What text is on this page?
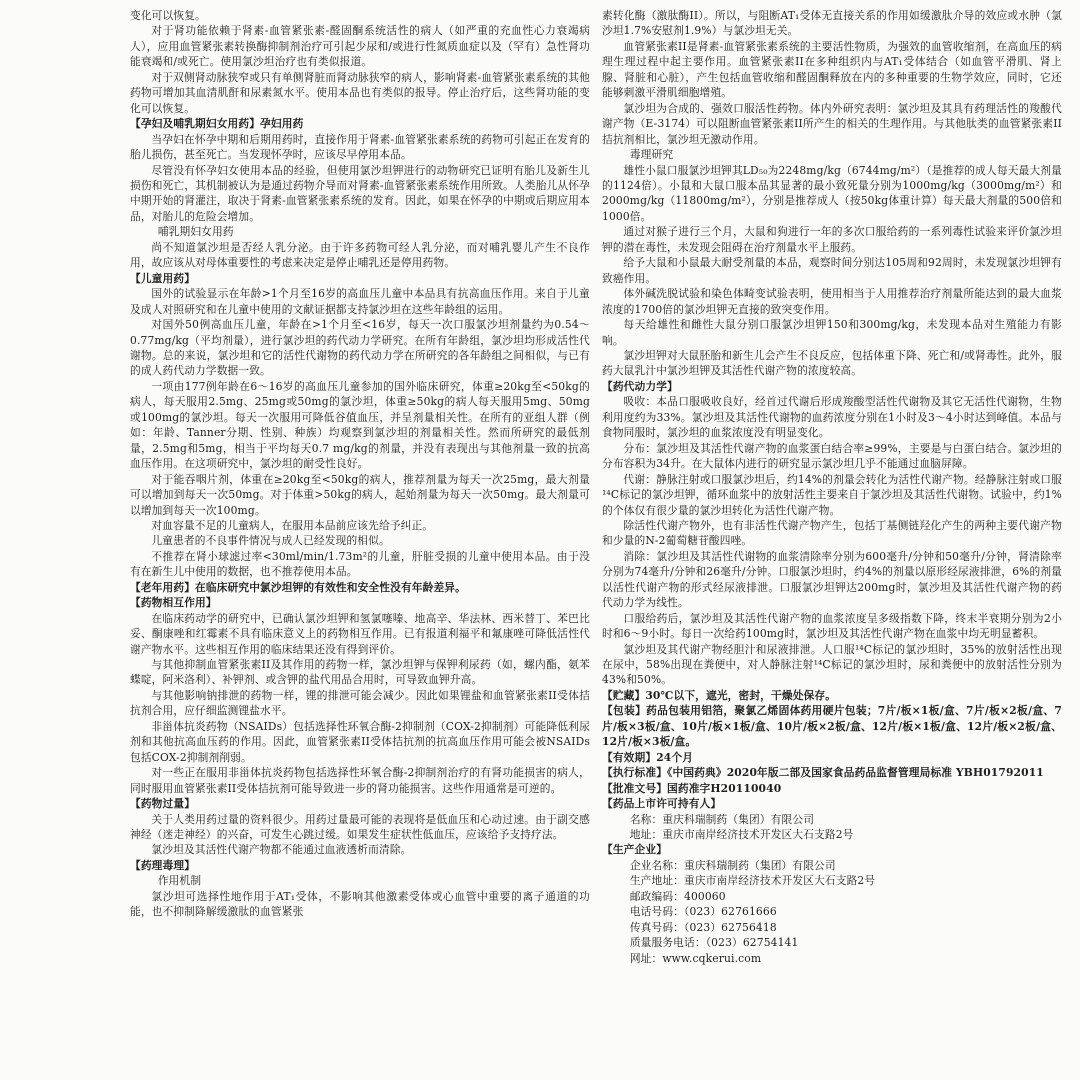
变化可以恢复。

对于肾功能依赖于肾素-血管紧张素-醛固酮系统活性的病人（如严重的充血性心力衰竭病人），应用血管紧张素转换酶抑制剂治疗可引起少尿和/或进行性氮质血症以及（罕有）急性肾功能衰竭和/或死亡。使用氯沙坦治疗也有类似报道。

对于双侧肾动脉狭窄或只有单侧肾脏而肾动脉狭窄的病人，影响肾素-血管紧张素系统的其他药物可增加其血清肌酐和尿素氮水平。使用本品也有类似的报导。停止治疗后，这些肾功能的变化可以恢复。

【孕妇及哺乳期妇女用药】孕妇用药

当孕妇在怀孕中期和后期用药时，直接作用于肾素-血管紧张素系统的药物可引起正在发育的胎儿损伤，甚至死亡。当发现怀孕时，应该尽早停用本品。

尽管没有怀孕妇女使用本品的经验，但使用氯沙坦钾进行的动物研究已证明有胎儿及新生儿损伤和死亡，其机制被认为是通过药物介导而对肾素-血管紧张素系统作用所致。人类胎儿从怀孕中期开始的肾灌注，取决于肾素-血管紧张素系统的发育。因此，如果在怀孕的中期或后期应用本品，对胎儿的危险会增加。

哺乳期妇女用药

尚不知道氯沙坦是否经人乳分泌。由于许多药物可经人乳分泌，而对哺乳婴儿产生不良作用，故应该从对母体重要性的考虑来决定是停止哺乳还是停用药物。

【儿童用药】

国外的试验显示在年龄>1个月至16岁的高血压儿童中本品具有抗高血压作用。来自于儿童及成人对照研究和在儿童中使用的文献证据都支持氯沙坦在这些年龄组的运用。

对国外50例高血压儿童，年龄在>1个月至<16岁，每天一次口服氯沙坦剂量约为0.54～0.77mg/kg（平均剂量），进行氯沙坦的药代动力学研究。在所有年龄组，氯沙坦均形成活性代谢物。总的来说，氯沙坦和它的活性代谢物的药代动力学在所研究的各年龄组之间相似，与已有的成人药代动力学数据一致。

一项由177例年龄在6～16岁的高血压儿童参加的国外临床研究，体重≥20kg至<50kg的病人，每天服用2.5mg、25mg或50mg的氯沙坦，体重≥50kg的病人每天服用5mg、50mg或100mg的氯沙坦。每天一次服用可降低谷值血压，并呈剂量相关性。在所有的亚组人群（例如：年龄、Tanner分期、性别、种族）均观察到氯沙坦的剂量相关性。然而所研究的最低剂量，2.5mg和5mg，相当于平均每天0.7 mg/kg的剂量，并没有表现出与其他剂量一致的抗高血压作用。在这项研究中，氯沙坦的耐受性良好。

对于能吞咽片剂，体重在≥20kg至<50kg的病人，推荐剂量为每天一次25mg，最大剂量可以增加到每天一次50mg。对于体重>50kg的病人，起始剂量为每天一次50mg。最大剂量可以增加到每天一次100mg。

对血容量不足的儿童病人，在服用本品前应该先给予纠正。

儿童患者的不良事件情况与成人已经发现的相似。

不推荐在肾小球滤过率<30ml/min/1.73m²的儿童，肝脏受损的儿童中使用本品。由于没有在新生儿中使用的数据，也不推荐使用本品。

【老年用药】在临床研究中氯沙坦钾的有效性和安全性没有年龄差异。

【药物相互作用】

在临床药动学的研究中，已确认氯沙坦钾和氢氯噻嗪、地高辛、华法林、西米替丁、苯巴比妥、酮康唑和红霉素不具有临床意义上的药物相互作用。已有报道利福平和氟康唑可降低活性代谢产物水平。这些相互作用的临床结果还没有得到评价。

与其他抑制血管紧张素II及其作用的药物一样，氯沙坦钾与保钾利尿药（如，螺内酯，氨苯蝶啶，阿米洛利）、补钾剂、或含钾的盐代用品合用时，可导致血钾升高。

与其他影响钠排泄的药物一样，锂的排泄可能会减少。因此如果锂盐和血管紧张素II受体拮抗剂合用，应仔细监测锂盐水平。

非甾体抗炎药物（NSAIDs）包括选择性环氧合酶-2抑制剂（COX-2抑制剂）可能降低利尿剂和其他抗高血压药的作用。因此，血管紧张素II受体拮抗剂的抗高血压作用可能会被NSAIDs包括COX-2抑制剂削弱。

对一些正在服用非甾体抗炎药物包括选择性环氧合酶-2抑制剂治疗的有肾功能损害的病人，同时服用血管紧张素II受体拮抗剂可能导致进一步的肾功能损害。这些作用通常是可逆的。

【药物过量】

关于人类用药过量的资料很少。用药过量最可能的表现将是低血压和心动过速。由于副交感神经（迷走神经）的兴奋，可发生心跳过缓。如果发生症状性低血压，应该给予支持疗法。

氯沙坦及其活性代谢产物都不能通过血液透析而清除。

【药理毒理】

作用机制

氯沙坦可选择性地作用于AT₁受体，不影响其他激素受体或心血管中重要的离子通道的功能，也不抑制降解缓激肽的血管紧张

素转化酶（激肽酶II）。所以，与阻断AT₁受体无直接关系的作用如缓激肽介导的效应或水肿（氯沙坦1.7%安慰剂1.9%）与氯沙坦无关。

血管紧张素II是肾素-血管紧张素系统的主要活性物质，为强效的血管收缩剂，在高血压的病理生理过程中起主要作用。血管紧张素II在多种组织内与AT₁受体结合（如血管平滑肌、肾上腺、肾脏和心脏），产生包括血管收缩和醛固酮释放在内的多种重要的生物学效应，同时，它还能够刺激平滑肌细胞增殖。

氯沙坦为合成的、强效口服活性药物。体内外研究表明：氯沙坦及其具有药理活性的羧酸代谢产物（E-3174）可以阻断血管紧张素II所产生的相关的生理作用。与其他肽类的血管紧张素II拮抗剂相比，氯沙坦无激动作用。

毒理研究

雄性小鼠口服氯沙坦钾其LD₅₀为2248mg/kg（6744mg/m²）（是推荐的成人每天最大剂量的1124倍）。小鼠和大鼠口服本品其显著的最小致死量分别为1000mg/kg（3000mg/m²）和2000mg/kg（11800mg/m²），分别是推荐成人（按50kg体重计算）每天最大剂量的500倍和1000倍。

通过对猴子进行三个月，大鼠和狗进行一年的多次口服给药的一系列毒性试验来评价氯沙坦钾的潜在毒性，未发现会阻碍在治疗剂量水平上服药。

给予大鼠和小鼠最大耐受剂量的本品，观察时间分别达105周和92周时，未发现氯沙坦钾有致癌作用。

体外碱洗脱试验和染色体畸变试验表明，使用相当于人用推荐治疗剂量所能达到的最大血浆浓度的1700倍的氯沙坦钾无直接的致突变作用。

每天给雄性和雌性大鼠分别口服氯沙坦钾150和300mg/kg，未发现本品对生殖能力有影响。

氯沙坦钾对大鼠胚胎和新生儿会产生不良反应，包括体重下降、死亡和/或肾毒性。此外，服药大鼠乳汁中氯沙坦钾及其活性代谢产物的浓度较高。

【药代动力学】

吸收：本品口服吸收良好，经首过代谢后形成羧酸型活性代谢物及其它无活性代谢物，生物利用度约为33%。氯沙坦及其活性代谢物的血药浓度分别在1小时及3～4小时达到峰值。本品与食物同服时，氯沙坦的血浆浓度没有明显变化。

分布：氯沙坦及其活性代谢产物的血浆蛋白结合率≥99%，主要是与白蛋白结合。氯沙坦的分布容积为34升。在大鼠体内进行的研究显示氯沙坦几乎不能通过血脑屏障。

代谢：静脉注射或口服氯沙坦后，约14%的剂量会转化为活性代谢产物。经静脉注射或口服¹⁴C标记的氯沙坦钾，循环血浆中的放射活性主要来自于氯沙坦及其活性代谢物。试验中，约1%的个体仅有很少量的氯沙坦转化为活性代谢产物。

除活性代谢产物外，也有非活性代谢产物产生，包括丁基侧链羟化产生的两种主要代谢产物和少量的N-2葡萄糖苷酸四唑。

消除：氯沙坦及其活性代谢物的血浆清除率分别为600毫升/分钟和50毫升/分钟，肾清除率分别为74毫升/分钟和26毫升/分钟。口服氯沙坦时，约4%的剂量以原形经尿液排泄，6%的剂量以活性代谢产物的形式经尿液排泄。口服氯沙坦钾达200mg时，氯沙坦及其活性代谢产物的药代动力学为线性。

口服给药后，氯沙坦及其活性代谢产物的血浆浓度呈多级指数下降，终末半衰期分别为2小时和6～9小时。每日一次给药100mg时，氯沙坦及其活性代谢产物在血浆中均无明显蓄积。

氯沙坦及其代谢产物经胆汁和尿液排泄。人口服¹⁴C标记的氯沙坦时，35%的放射活性出现在尿中，58%出现在粪便中，对人静脉注射¹⁴C标记的氯沙坦时，尿和粪便中的放射活性分别为43%和50%。

【贮藏】30℃以下，遮光，密封，干燥处保存。

【包装】药品包装用铝箔，聚氯乙烯固体药用硬片包装；7片/板×1板/盒、7片/板×2板/盒、7片/板×3板/盒、10片/板×1板/盒、10片/板×2板/盒、12片/板×1板/盒、12片/板×2板/盒、12片/板×3板/盒。

【有效期】24个月

【执行标准】《中国药典》2020年版二部及国家食品药品监督管理局标准 YBH01792011

【批准文号】国药准字H20110040

【药品上市许可持有人】

名称：重庆科瑞制药（集团）有限公司

地址：重庆市南岸经济技术开发区大石支路2号

【生产企业】

企业名称：重庆科瑞制药（集团）有限公司

生产地址：重庆市南岸经济技术开发区大石支路2号

邮政编码：400060

电话号码：（023）62761666

传真号码：（023）62756418

质量服务电话：（023）62754141

网址：www.cqkerui.com
